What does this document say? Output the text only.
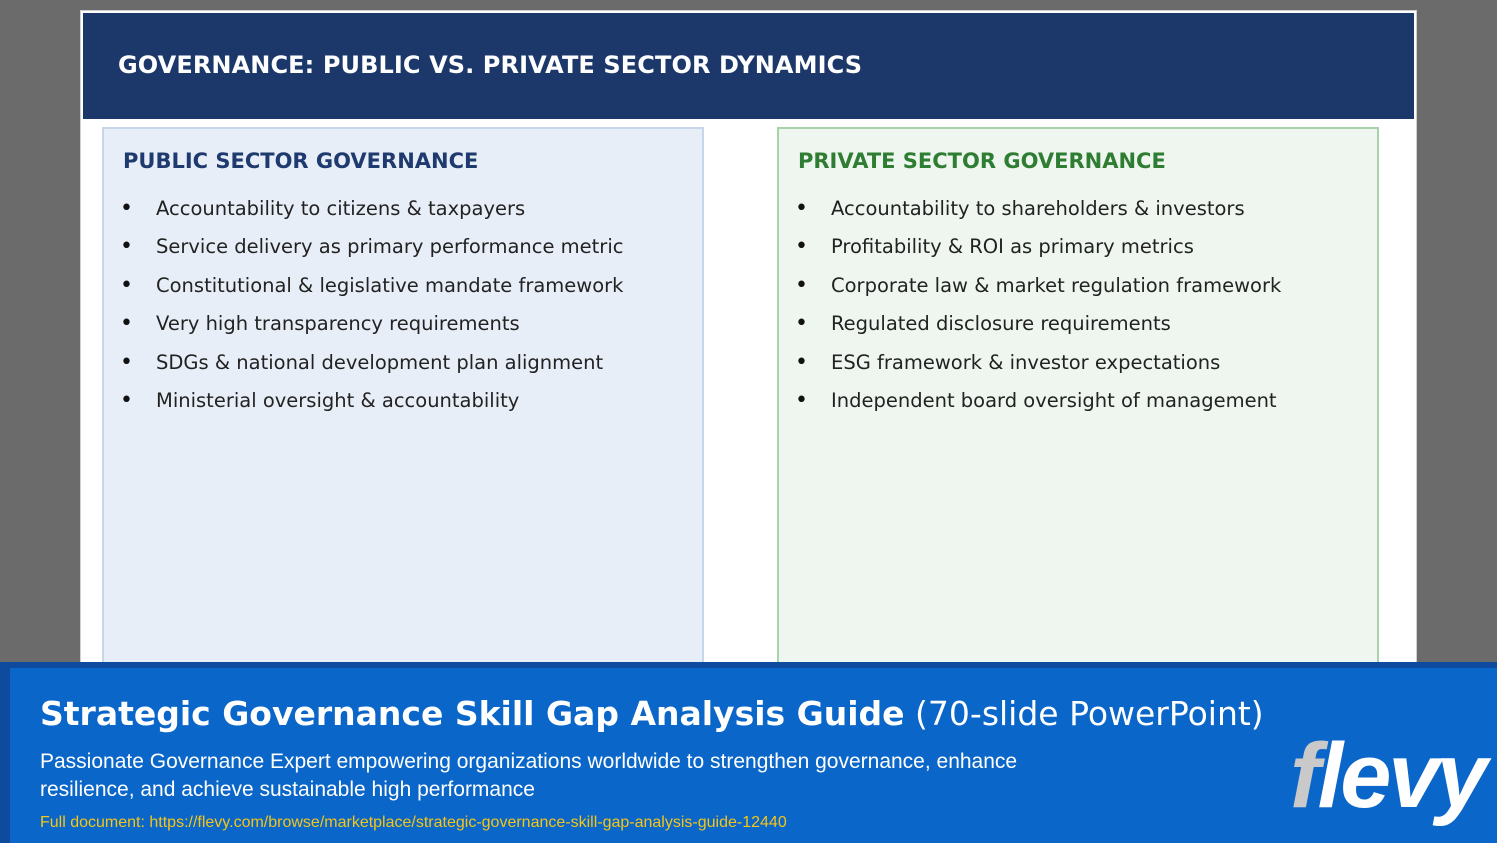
GOVERNANCE: PUBLIC VS. PRIVATE SECTOR DYNAMICS
PUBLIC SECTOR GOVERNANCE
• Accountability to citizens & taxpayers
• Service delivery as primary performance metric
• Constitutional & legislative mandate framework
• Very high transparency requirements
• SDGs & national development plan alignment
• Ministerial oversight & accountability
PRIVATE SECTOR GOVERNANCE
• Accountability to shareholders & investors
• Profitability & ROI as primary metrics
• Corporate law & market regulation framework
• Regulated disclosure requirements
• ESG framework & investor expectations
• Independent board oversight of management
Strategic Governance Skill Gap Analysis Guide (70-slide PowerPoint)
Passionate Governance Expert empowering organizations worldwide to strengthen governance, enhance resilience, and achieve sustainable high performance
Full document: https://flevy.com/browse/marketplace/strategic-governance-skill-gap-analysis-guide-12440	flevy
